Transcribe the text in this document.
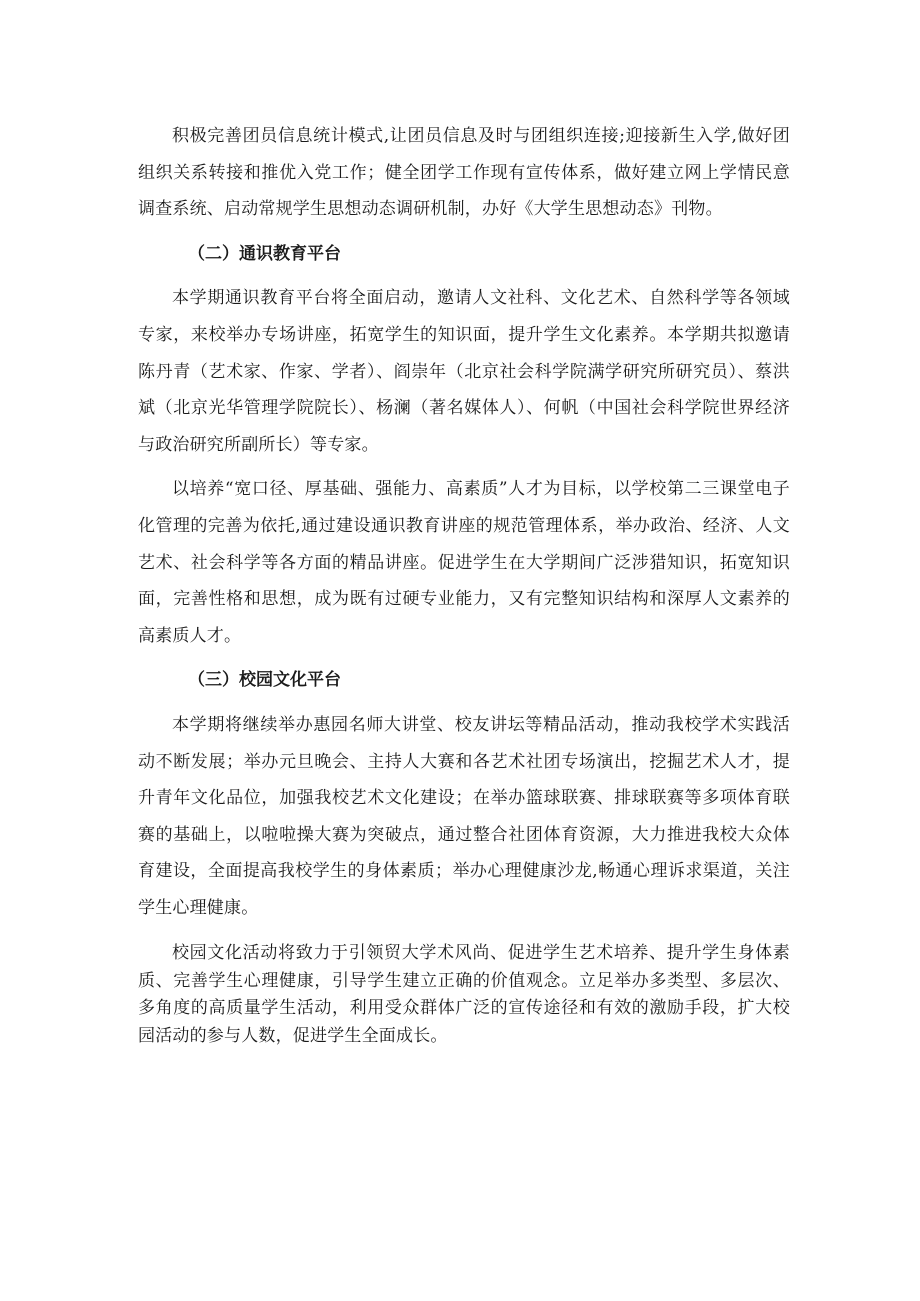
积极完善团员信息统计模式,让团员信息及时与团组织连接;迎接新生入学,做好团组织关系转接和推优入党工作；健全团学工作现有宣传体系，做好建立网上学情民意调查系统、启动常规学生思想动态调研机制，办好《大学生思想动态》刊物。

（二）通识教育平台

本学期通识教育平台将全面启动，邀请人文社科、文化艺术、自然科学等各领域专家，来校举办专场讲座，拓宽学生的知识面，提升学生文化素养。本学期共拟邀请陈丹青（艺术家、作家、学者）、阎崇年（北京社会科学院满学研究所研究员）、蔡洪斌（北京光华管理学院院长）、杨澜（著名媒体人）、何帆（中国社会科学院世界经济与政治研究所副所长）等专家。

以培养“宽口径、厚基础、强能力、高素质”人才为目标，以学校第二三课堂电子化管理的完善为依托,通过建设通识教育讲座的规范管理体系，举办政治、经济、人文艺术、社会科学等各方面的精品讲座。促进学生在大学期间广泛涉猎知识，拓宽知识面，完善性格和思想，成为既有过硬专业能力，又有完整知识结构和深厚人文素养的高素质人才。

（三）校园文化平台

本学期将继续举办惠园名师大讲堂、校友讲坛等精品活动，推动我校学术实践活动不断发展；举办元旦晚会、主持人大赛和各艺术社团专场演出，挖掘艺术人才，提升青年文化品位，加强我校艺术文化建设；在举办篮球联赛、排球联赛等多项体育联赛的基础上，以啦啦操大赛为突破点，通过整合社团体育资源，大力推进我校大众体育建设，全面提高我校学生的身体素质；举办心理健康沙龙,畅通心理诉求渠道，关注学生心理健康。

校园文化活动将致力于引领贸大学术风尚、促进学生艺术培养、提升学生身体素质、完善学生心理健康，引导学生建立正确的价值观念。立足举办多类型、多层次、多角度的高质量学生活动，利用受众群体广泛的宣传途径和有效的激励手段，扩大校园活动的参与人数，促进学生全面成长。
